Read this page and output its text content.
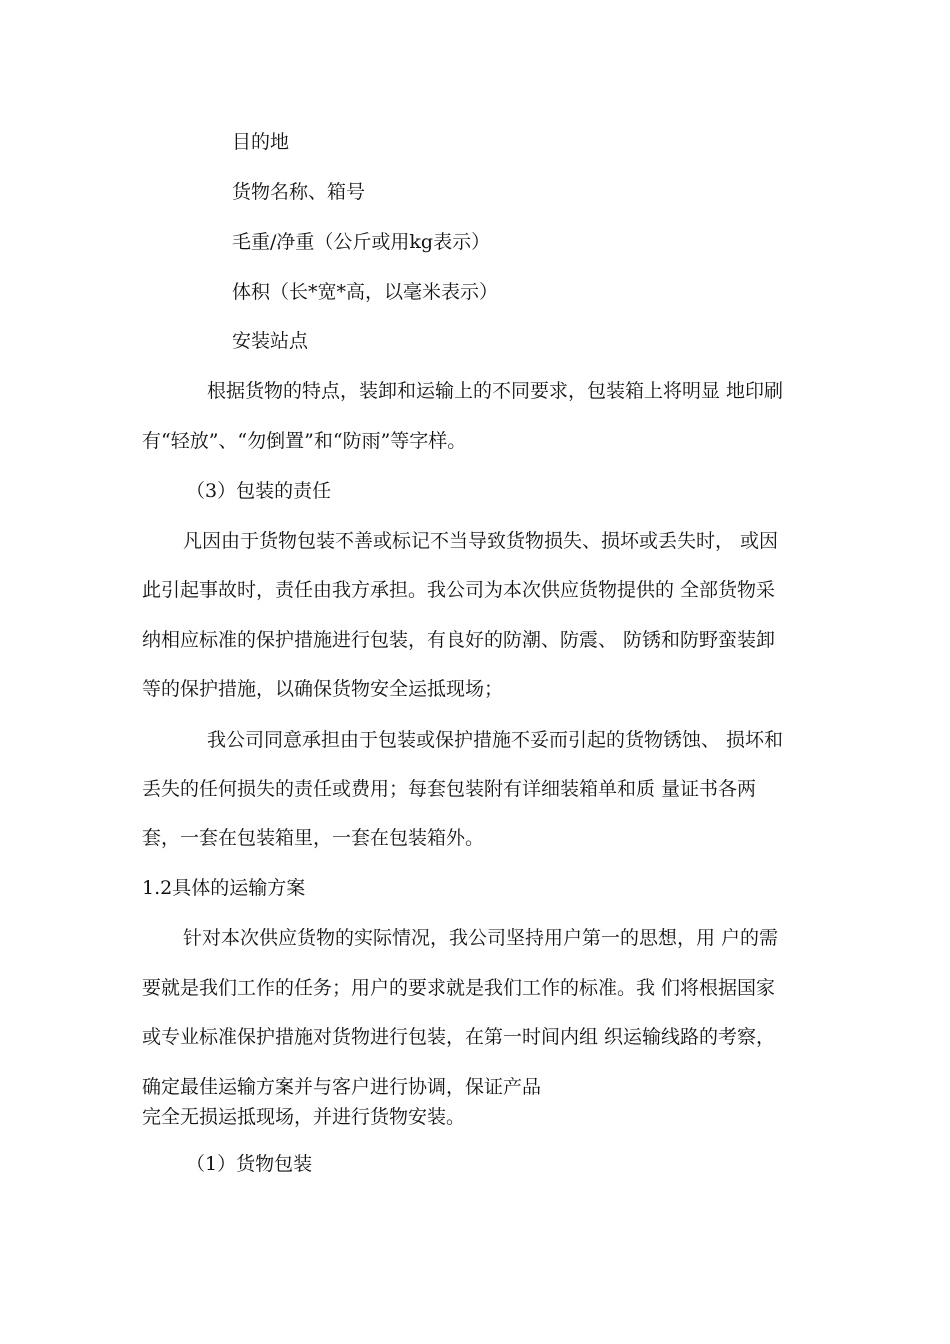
目的地

货物名称、箱号

毛重/净重（公斤或用kg表示）

体积（长*宽*高，以毫米表示）

安装站点

根据货物的特点，装卸和运输上的不同要求，包装箱上将明显 地印刷

有“轻放”、“勿倒置”和“防雨”等字样。

（3）包装的责任

凡因由于货物包装不善或标记不当导致货物损失、损坏或丢失时， 或因

此引起事故时，责任由我方承担。我公司为本次供应货物提供的 全部货物采

纳相应标准的保护措施进行包装，有良好的防潮、防震、 防锈和防野蛮装卸

等的保护措施，以确保货物安全运抵现场；

我公司同意承担由于包装或保护措施不妥而引起的货物锈蚀、 损坏和

丢失的任何损失的责任或费用；每套包装附有详细装箱单和质 量证书各两

套，一套在包装箱里，一套在包装箱外。

1.2具体的运输方案

针对本次供应货物的实际情况，我公司坚持用户第一的思想，用 户的需

要就是我们工作的任务；用户的要求就是我们工作的标准。我 们将根据国家

或专业标准保护措施对货物进行包装，在第一时间内组 织运输线路的考察，

确定最佳运输方案并与客户进行协调，保证产品

完全无损运抵现场，并进行货物安装。

（1）货物包装
